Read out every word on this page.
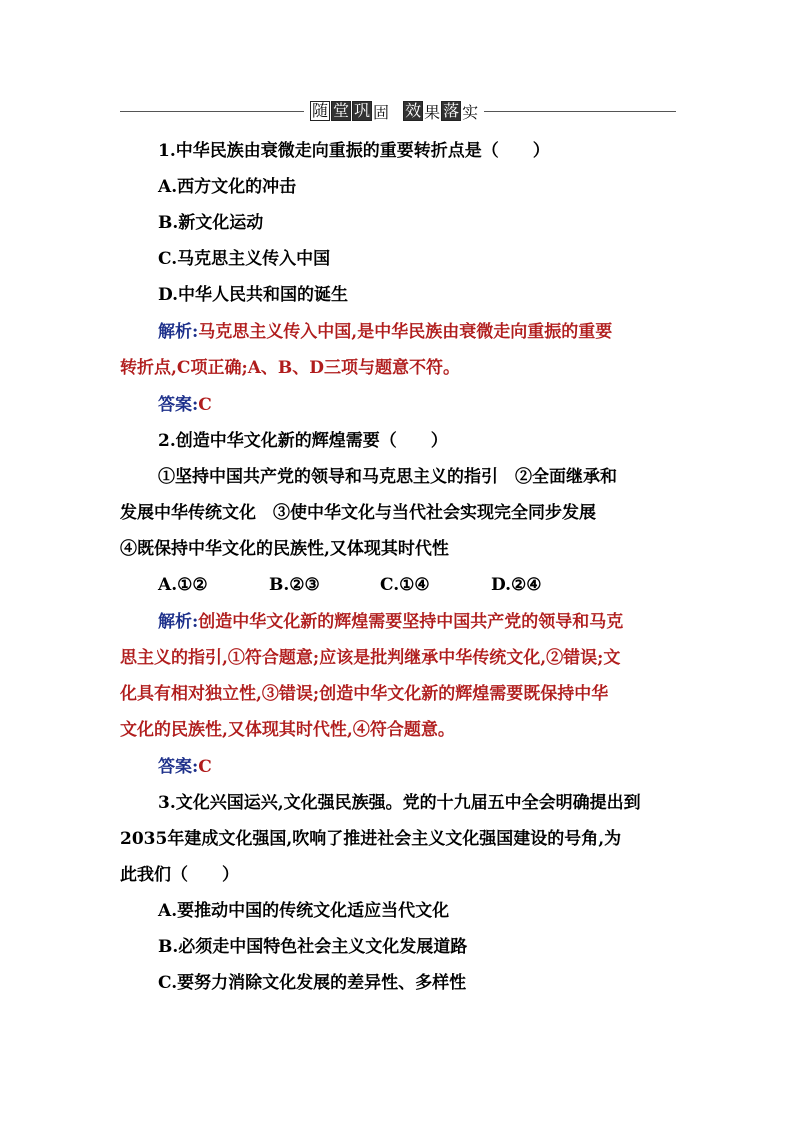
随 堂 巩 固 效 果 落 实
1.中华民族由衰微走向重振的重要转折点是（　　）
A.西方文化的冲击
B.新文化运动
C.马克思主义传入中国
D.中华人民共和国的诞生
解析:马克思主义传入中国,是中华民族由衰微走向重振的重要
转折点,C项正确;A、B、D三项与题意不符。
答案:C
2.创造中华文化新的辉煌需要（　　）
①坚持中国共产党的领导和马克思主义的指引　②全面继承和
发展中华传统文化　③使中华文化与当代社会实现完全同步发展
④既保持中华文化的民族性,又体现其时代性
A.①②	B.②③	C.①④	D.②④
解析:创造中华文化新的辉煌需要坚持中国共产党的领导和马克
思主义的指引,①符合题意;应该是批判继承中华传统文化,②错误;文
化具有相对独立性,③错误;创造中华文化新的辉煌需要既保持中华
文化的民族性,又体现其时代性,④符合题意。
答案:C
3.文化兴国运兴,文化强民族强。党的十九届五中全会明确提出到
2035年建成文化强国,吹响了推进社会主义文化强国建设的号角,为
此我们（　　）
A.要推动中国的传统文化适应当代文化
B.必须走中国特色社会主义文化发展道路
C.要努力消除文化发展的差异性、多样性
